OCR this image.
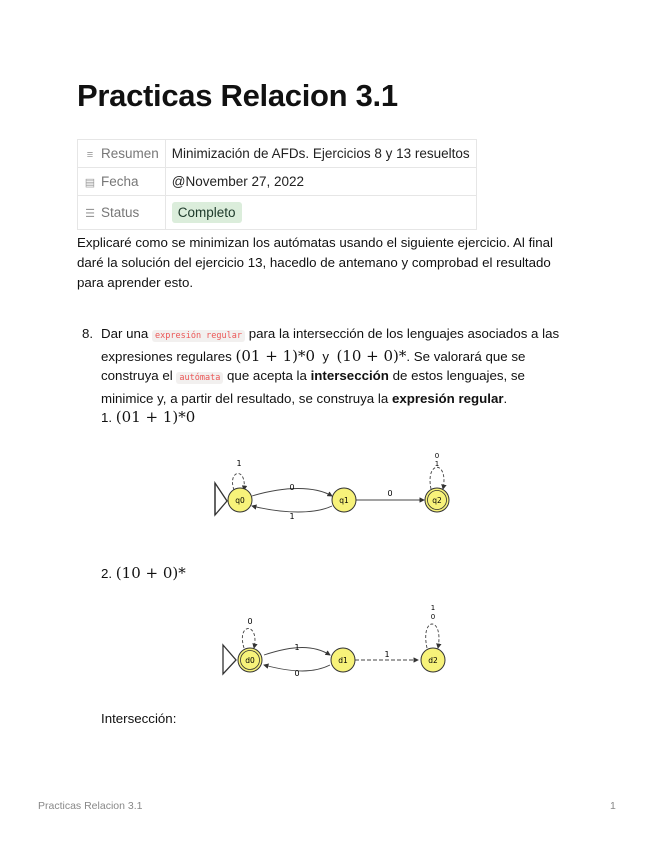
Practicas Relacion 3.1
≡ Resumen	Minimización de AFDs. Ejercicios 8 y 13 resueltos
▤ Fecha	@November 27, 2022
☰ Status	Completo

Explicaré como se minimizan los autómatas usando el siguiente ejercicio. Al final daré la solución del ejercicio 13, hacedlo de antemano y comprobad el resultado para aprender esto.

8. Dar una expresión regular para la intersección de los lenguajes asociados a las expresiones regulares (01 + 1)*0  y  (10 + 0)*. Se valorará que se construya el autómata que acepta la intersección de estos lenguajes, se minimice y, a partir del resultado, se construya la expresión regular.
1. (01 + 1)*0
1
0
1
0
0
1
q0	q1	q2
2. (10 + 0)*
0
1
0
1
1
0
d0	d1	d2
Intersección:
Practicas Relacion 3.1	1
